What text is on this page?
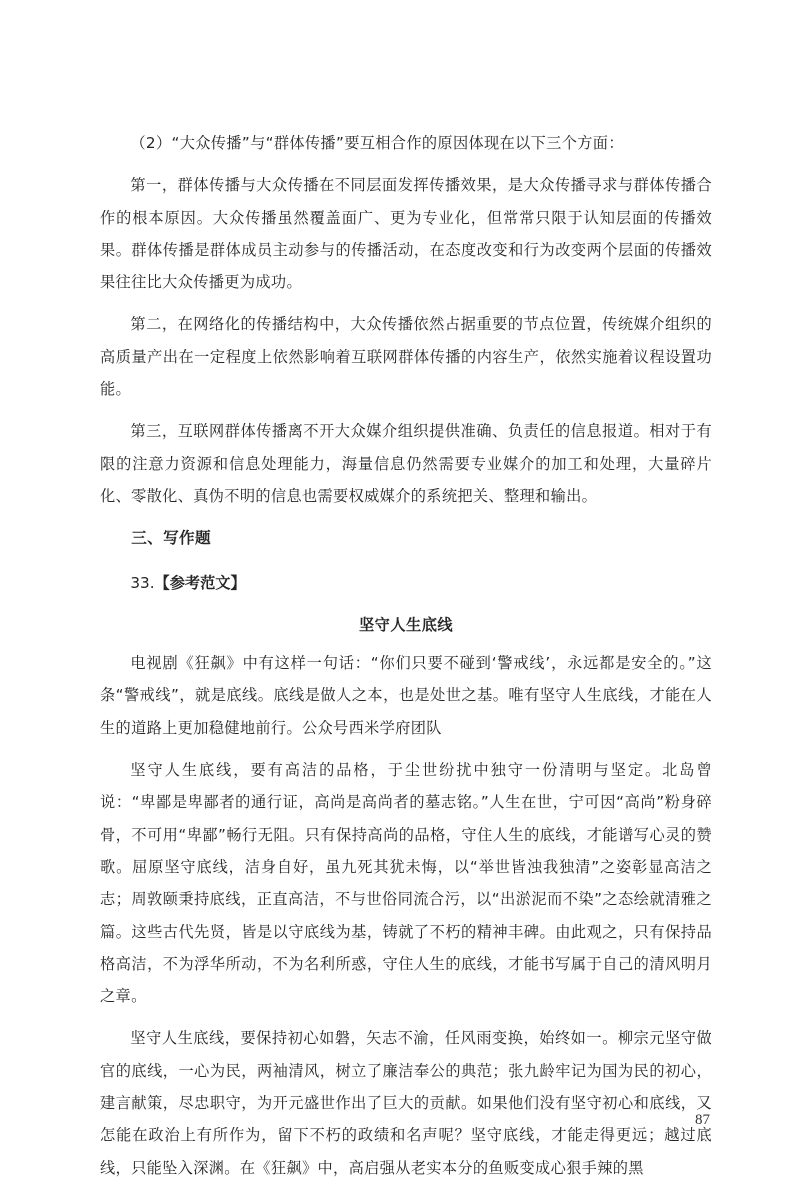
（2）“大众传播”与“群体传播”要互相合作的原因体现在以下三个方面：

第一，群体传播与大众传播在不同层面发挥传播效果，是大众传播寻求与群体传播合作的根本原因。大众传播虽然覆盖面广、更为专业化，但常常只限于认知层面的传播效果。群体传播是群体成员主动参与的传播活动，在态度改变和行为改变两个层面的传播效果往往比大众传播更为成功。

第二，在网络化的传播结构中，大众传播依然占据重要的节点位置，传统媒介组织的高质量产出在一定程度上依然影响着互联网群体传播的内容生产，依然实施着议程设置功能。

第三，互联网群体传播离不开大众媒介组织提供准确、负责任的信息报道。相对于有限的注意力资源和信息处理能力，海量信息仍然需要专业媒介的加工和处理，大量碎片化、零散化、真伪不明的信息也需要权威媒介的系统把关、整理和输出。

三、写作题

33.【参考范文】

坚守人生底线

电视剧《狂飙》中有这样一句话：“你们只要不碰到‘警戒线’，永远都是安全的。”这条“警戒线”，就是底线。底线是做人之本，也是处世之基。唯有坚守人生底线，才能在人生的道路上更加稳健地前行。公众号西米学府团队

坚守人生底线，要有高洁的品格，于尘世纷扰中独守一份清明与坚定。北岛曾说：“卑鄙是卑鄙者的通行证，高尚是高尚者的墓志铭。”人生在世，宁可因“高尚”粉身碎骨，不可用“卑鄙”畅行无阻。只有保持高尚的品格，守住人生的底线，才能谱写心灵的赞歌。屈原坚守底线，洁身自好，虽九死其犹未悔，以“举世皆浊我独清”之姿彰显高洁之志；周敦颐秉持底线，正直高洁，不与世俗同流合污，以“出淤泥而不染”之态绘就清雅之篇。这些古代先贤，皆是以守底线为基，铸就了不朽的精神丰碑。由此观之，只有保持品格高洁，不为浮华所动，不为名利所惑，守住人生的底线，才能书写属于自己的清风明月之章。

坚守人生底线，要保持初心如磐，矢志不渝，任风雨变换，始终如一。柳宗元坚守做官的底线，一心为民，两袖清风，树立了廉洁奉公的典范；张九龄牢记为国为民的初心，建言献策，尽忠职守，为开元盛世作出了巨大的贡献。如果他们没有坚守初心和底线，又怎能在政治上有所作为，留下不朽的政绩和名声呢？坚守底线，才能走得更远；越过底线，只能坠入深渊。在《狂飙》中，高启强从老实本分的鱼贩变成心狠手辣的黑

87
